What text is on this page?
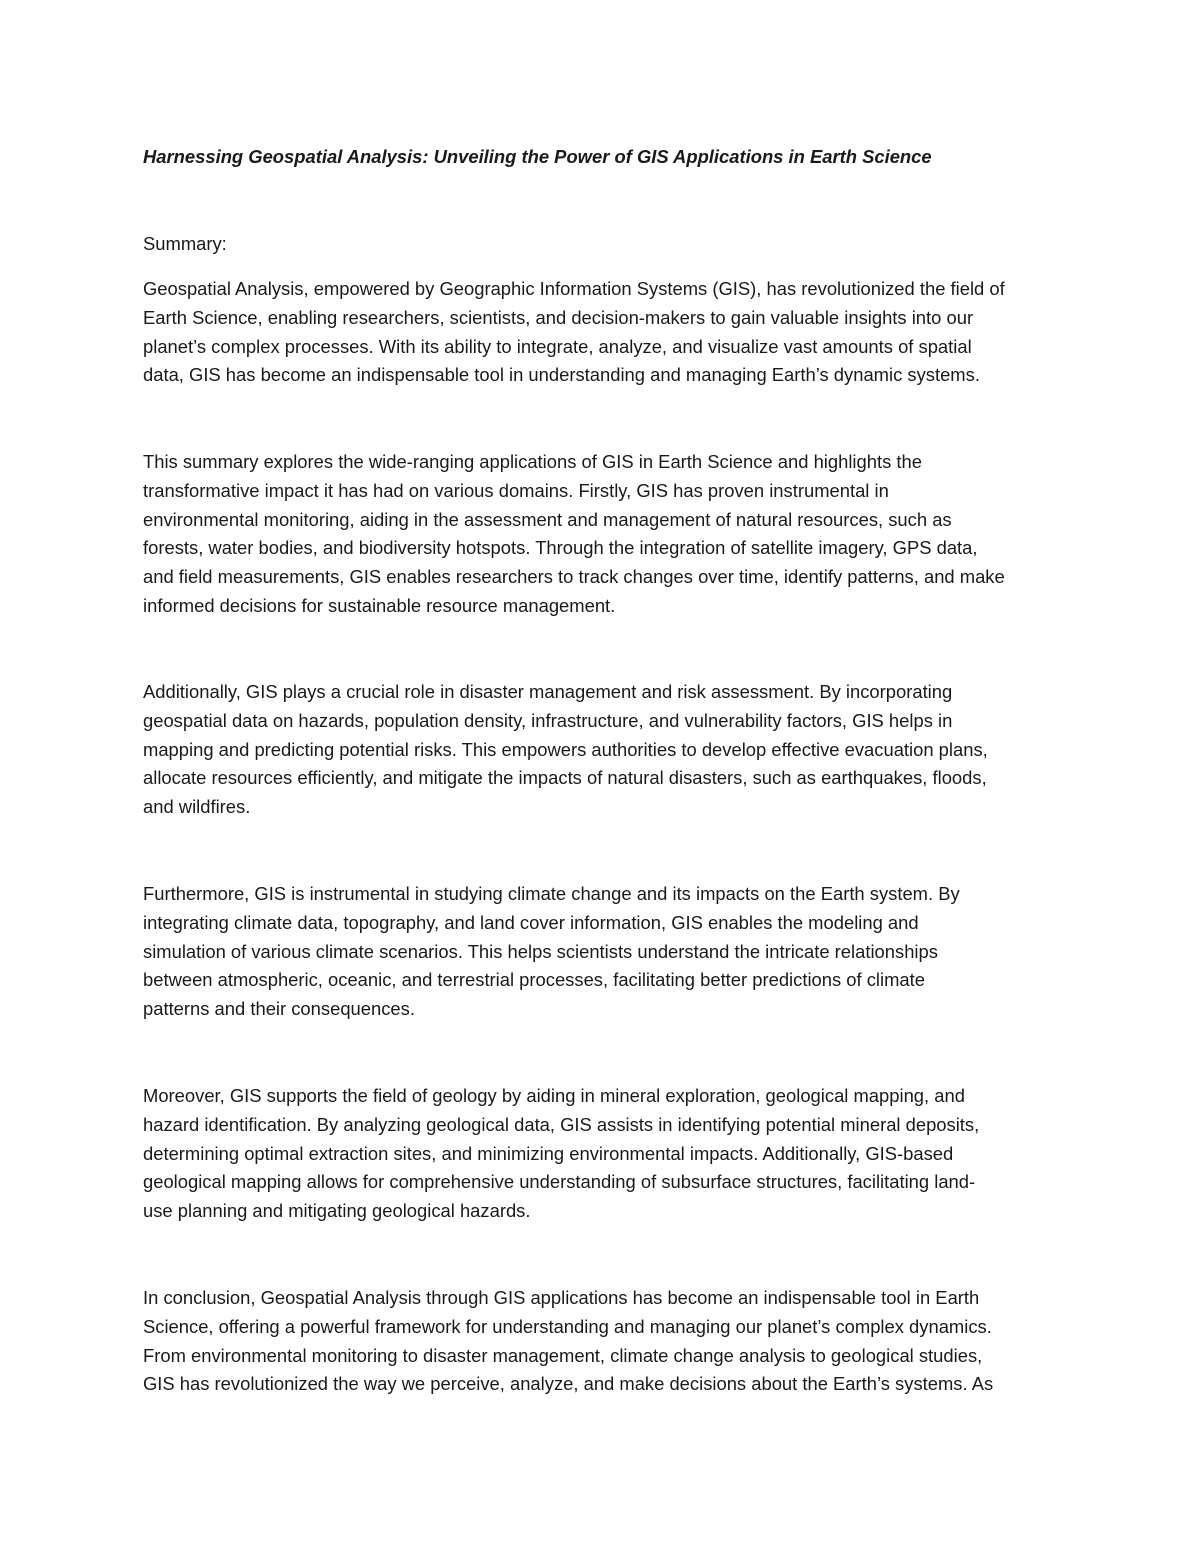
Harnessing Geospatial Analysis: Unveiling the Power of GIS Applications in Earth Science

Summary:

Geospatial Analysis, empowered by Geographic Information Systems (GIS), has revolutionized the field of
Earth Science, enabling researchers, scientists, and decision-makers to gain valuable insights into our
planet’s complex processes. With its ability to integrate, analyze, and visualize vast amounts of spatial
data, GIS has become an indispensable tool in understanding and managing Earth’s dynamic systems.

This summary explores the wide-ranging applications of GIS in Earth Science and highlights the
transformative impact it has had on various domains. Firstly, GIS has proven instrumental in
environmental monitoring, aiding in the assessment and management of natural resources, such as
forests, water bodies, and biodiversity hotspots. Through the integration of satellite imagery, GPS data,
and field measurements, GIS enables researchers to track changes over time, identify patterns, and make
informed decisions for sustainable resource management.

Additionally, GIS plays a crucial role in disaster management and risk assessment. By incorporating
geospatial data on hazards, population density, infrastructure, and vulnerability factors, GIS helps in
mapping and predicting potential risks. This empowers authorities to develop effective evacuation plans,
allocate resources efficiently, and mitigate the impacts of natural disasters, such as earthquakes, floods,
and wildfires.

Furthermore, GIS is instrumental in studying climate change and its impacts on the Earth system. By
integrating climate data, topography, and land cover information, GIS enables the modeling and
simulation of various climate scenarios. This helps scientists understand the intricate relationships
between atmospheric, oceanic, and terrestrial processes, facilitating better predictions of climate
patterns and their consequences.

Moreover, GIS supports the field of geology by aiding in mineral exploration, geological mapping, and
hazard identification. By analyzing geological data, GIS assists in identifying potential mineral deposits,
determining optimal extraction sites, and minimizing environmental impacts. Additionally, GIS-based
geological mapping allows for comprehensive understanding of subsurface structures, facilitating land-
use planning and mitigating geological hazards.

In conclusion, Geospatial Analysis through GIS applications has become an indispensable tool in Earth
Science, offering a powerful framework for understanding and managing our planet’s complex dynamics.
From environmental monitoring to disaster management, climate change analysis to geological studies,
GIS has revolutionized the way we perceive, analyze, and make decisions about the Earth’s systems. As
